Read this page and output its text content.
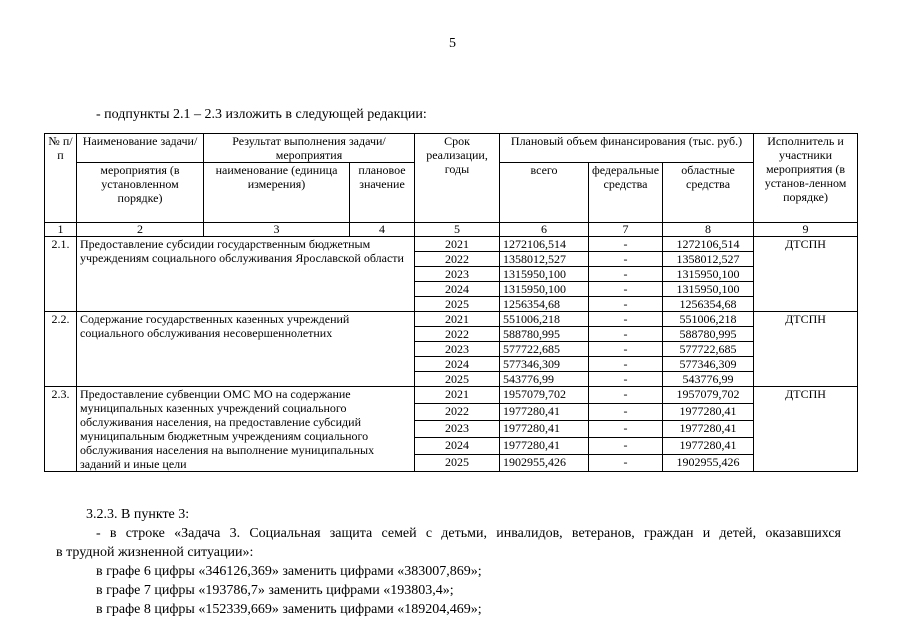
5
- подпункты 2.1 – 2.3 изложить в следующей редакции:
№ п/п	Наименование задачи/	Результат выполнения задачи/мероприятия		Срок реализации, годы	Плановый объем финансирования (тыс. руб.)			Исполнитель и участники мероприятия (в установ-ленном порядке)
	мероприятия (в установленном порядке)	наименование (единица измерения)	плановое значение		всего	федеральные средства	областные средства	
1	2	3	4	5	6	7	8	9
2.1.	Предоставление субсидии государственным бюджетным учреждениям социального обслуживания Ярославской области			2021	1272106,514	-	1272106,514	ДТСПН
				2022	1358012,527	-	1358012,527	
				2023	1315950,100	-	1315950,100	
				2024	1315950,100	-	1315950,100	
				2025	1256354,68	-	1256354,68	
2.2.	Содержание государственных казенных учреждений социального обслуживания несовершеннолетних			2021	551006,218	-	551006,218	ДТСПН
				2022	588780,995	-	588780,995	
				2023	577722,685	-	577722,685	
				2024	577346,309	-	577346,309	
				2025	543776,99	-	543776,99	
2.3.	Предоставление субвенции ОМС МО на содержание муниципальных казенных учреждений социального обслуживания населения, на предоставление субсидий муниципальным бюджетным учреждениям социального обслуживания населения на выполнение муниципальных заданий и иные цели			2021	1957079,702	-	1957079,702	ДТСПН
				2022	1977280,41	-	1977280,41	
				2023	1977280,41	-	1977280,41	
				2024	1977280,41	-	1977280,41	
				2025	1902955,426	-	1902955,426	

3.2.3. В пункте 3:

- в строке «Задача 3. Социальная защита семей с детьми, инвалидов, ветеранов, граждан и детей, оказавшихся

в трудной жизненной ситуации»:

в графе 6 цифры «346126,369» заменить цифрами «383007,869»;

в графе 7 цифры «193786,7» заменить цифрами «193803,4»;

в графе 8 цифры «152339,669» заменить цифрами «189204,469»;
